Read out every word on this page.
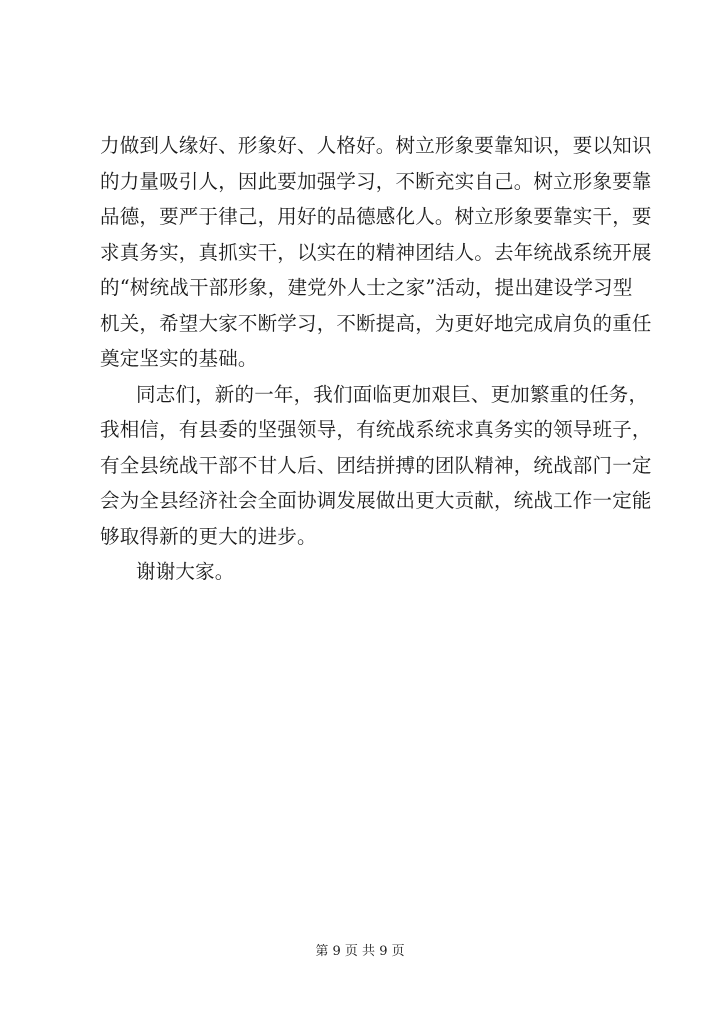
力做到人缘好、形象好、人格好。树立形象要靠知识，要以知识
的力量吸引人，因此要加强学习，不断充实自己。树立形象要靠
品德，要严于律己，用好的品德感化人。树立形象要靠实干，要
求真务实，真抓实干，以实在的精神团结人。去年统战系统开展
的“树统战干部形象，建党外人士之家”活动，提出建设学习型
机关，希望大家不断学习，不断提高，为更好地完成肩负的重任
奠定坚实的基础。
同志们，新的一年，我们面临更加艰巨、更加繁重的任务，
我相信，有县委的坚强领导，有统战系统求真务实的领导班子，
有全县统战干部不甘人后、团结拼搏的团队精神，统战部门一定
会为全县经济社会全面协调发展做出更大贡献，统战工作一定能
够取得新的更大的进步。
谢谢大家。
第 9 页 共 9 页
